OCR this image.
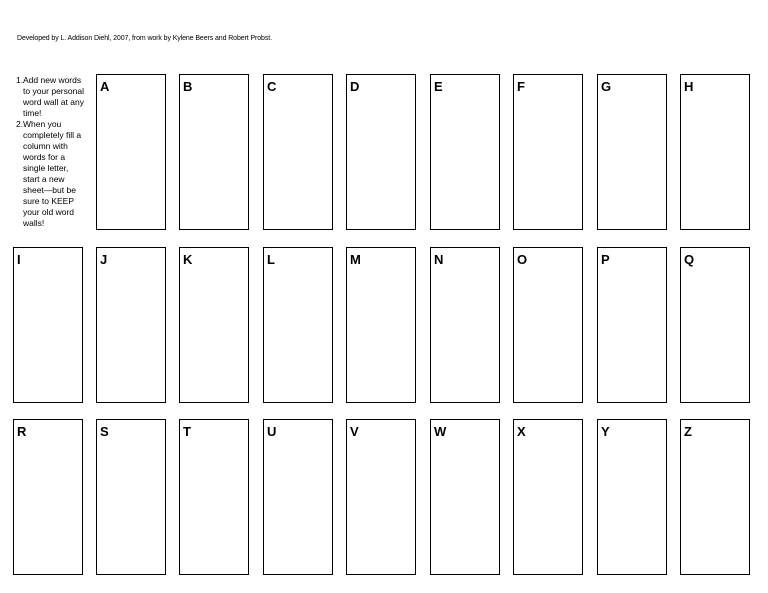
Developed by L. Addison Diehl, 2007, from work by Kylene Beers and Robert Probst.
1. Add new words to your personal word wall at any time!
2. When you completely fill a column with words for a single letter, start a new sheet—but be sure to KEEP your old word walls!
A	B	C	D	E	F	G	H
I	J	K	L	M	N	O	P	Q
R	S	T	U	V	W	X	Y	Z
